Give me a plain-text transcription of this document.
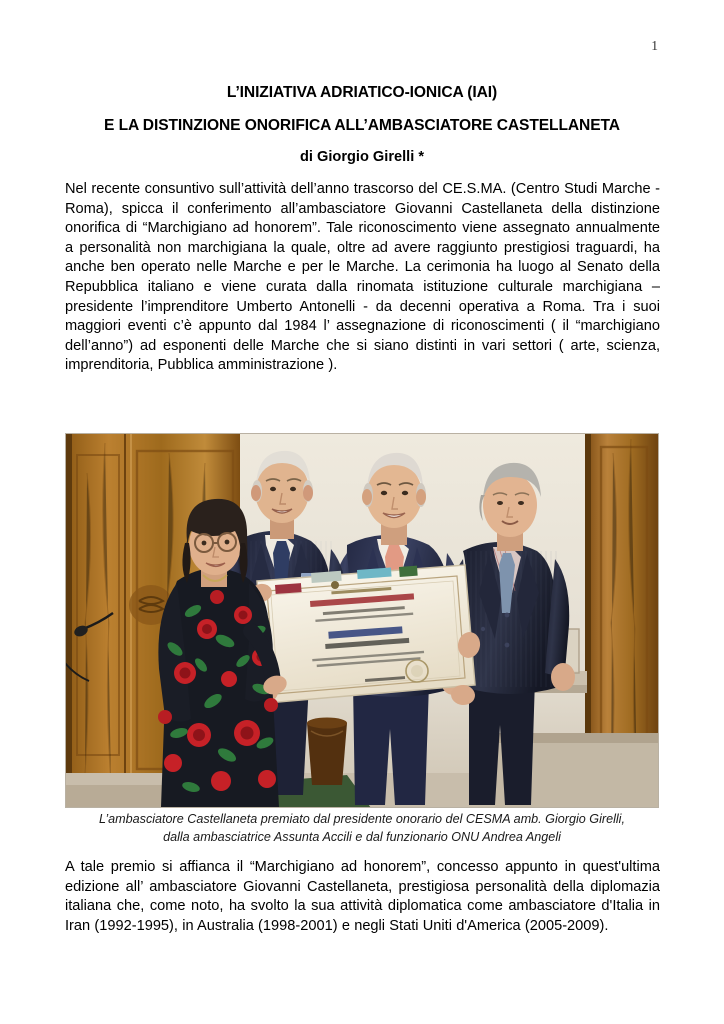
1
L’INIZIATIVA ADRIATICO-IONICA (IAI)
E LA DISTINZIONE ONORIFICA ALL’AMBASCIATORE CASTELLANETA
di Giorgio Girelli *

Nel recente consuntivo sull’attività dell’anno trascorso del CE.S.MA. (Centro Studi Marche - Roma), spicca il conferimento all’ambasciatore Giovanni Castellaneta della distinzione onorifica di “Marchigiano ad honorem”. Tale riconoscimento viene assegnato annualmente a personalità non marchigiana la quale, oltre ad avere raggiunto prestigiosi traguardi, ha anche ben operato nelle Marche e per le Marche. La cerimonia ha luogo al Senato della Repubblica italiano e viene curata dalla rinomata istituzione culturale marchigiana – presidente l’imprenditore Umberto Antonelli - da decenni operativa a Roma. Tra i suoi maggiori eventi c’è appunto dal 1984 l’ assegnazione di riconoscimenti ( il “marchigiano dell’anno”) ad esponenti delle Marche che si siano distinti in vari settori ( arte, scienza, imprenditoria, Pubblica amministrazione ).

L’ambasciatore Castellaneta premiato dal presidente onorario del CESMA amb. Giorgio Girelli,
dalla ambasciatrice Assunta Accili e dal funzionario ONU Andrea Angeli

A tale premio si affianca il “Marchigiano ad honorem”, concesso appunto in quest'ultima edizione all’ ambasciatore Giovanni Castellaneta, prestigiosa personalità della diplomazia italiana che, come noto, ha svolto la sua attività diplomatica come ambasciatore d'Italia in Iran (1992-1995), in Australia (1998-2001) e negli Stati Uniti d'America (2005-2009).
